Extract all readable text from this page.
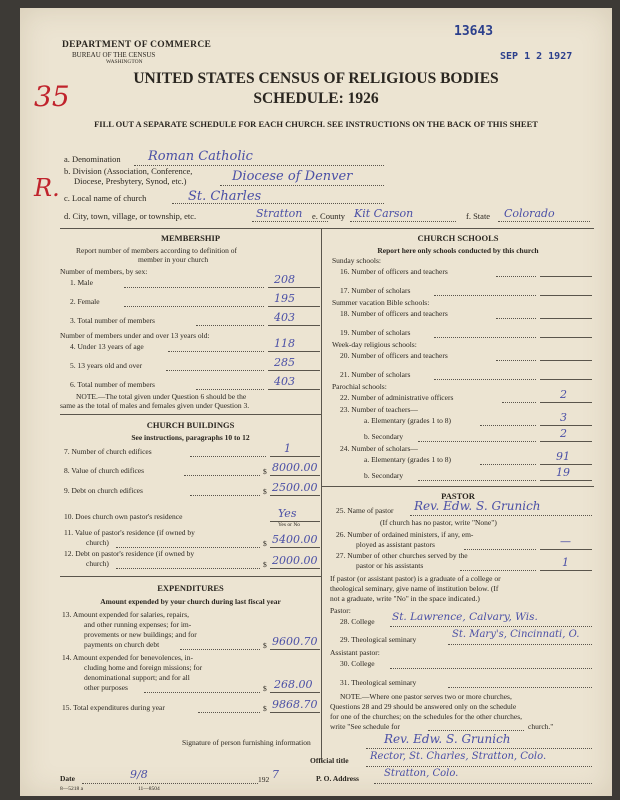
DEPARTMENT OF COMMERCE
BUREAU OF THE CENSUS
WASHINGTON
13643
SEP 1 2 1927
35
R.
UNITED STATES CENSUS OF RELIGIOUS BODIES
SCHEDULE: 1926
FILL OUT A SEPARATE SCHEDULE FOR EACH CHURCH. SEE INSTRUCTIONS ON THE BACK OF THIS SHEET
a. Denomination Roman Catholic
b. Division (Association, Conference,
Diocese, Presbytery, Synod, etc.)	Diocese of Denver
c. Local name of church	St. Charles
d. City, town, village, or township, etc.	Stratton e. County Kit Carson	f. State Colorado
MEMBERSHIP
Report number of members according to definition of
member in your church
Number of members, by sex:
1. Male	208
2. Female	195
3. Total number of members	403
Number of members under and over 13 years old:
4. Under 13 years of age	118
5. 13 years old and over	285
6. Total number of members	403
NOTE.—The total given under Question 6 should be the
same as the total of males and females given under Question 3.
CHURCH BUILDINGS
See instructions, paragraphs 10 to 12
7. Number of church edifices	1
8. Value of church edifices	$ 8000.00
9. Debt on church edifices	$ 2500.00
10. Does church own pastor's residence	Yes
Yes or No
11. Value of pastor's residence (if owned by
church)	$ 5400.00
12. Debt on pastor's residence (if owned by
church)	$ 2000.00
EXPENDITURES
Amount expended by your church during last fiscal year
13. Amount expended for salaries, repairs,
and other running expenses; for im-
provements or new buildings; and for
payments on church debt	$ 9600.70
14. Amount expended for benevolences, in-
cluding home and foreign missions; for
denominational support; and for all
other purposes	$ 268.00
15. Total expenditures during year	$ 9868.70
CHURCH SCHOOLS
Report here only schools conducted by this church
Sunday schools:
16. Number of officers and teachers
17. Number of scholars
Summer vacation Bible schools:
18. Number of officers and teachers
19. Number of scholars
Week-day religious schools:
20. Number of officers and teachers
21. Number of scholars
Parochial schools:
22. Number of administrative officers	2
23. Number of teachers—
a. Elementary (grades 1 to 8)	3
b. Secondary	2
24. Number of scholars—
a. Elementary (grades 1 to 8)	91
b. Secondary	19
PASTOR
25. Name of pastor Rev. Edw. S. Grunich
(If church has no pastor, write "None")
26. Number of ordained ministers, if any, em-
ployed as assistant pastors	—
27. Number of other churches served by the
pastor or his assistants	1
If pastor (or assistant pastor) is a graduate of a college or
theological seminary, give name of institution below. (If
not a graduate, write "No" in the space indicated.)
Pastor:
28. College St. Lawrence, Calvary, Wis.
29. Theological seminary	St. Mary's, Cincinnati, O.
Assistant pastor:
30. College
31. Theological seminary
NOTE.—Where one pastor serves two or more churches,
Questions 28 and 29 should be answered only on the schedule
for one of the churches; on the schedules for the other churches,
write "See schedule for	church."
Signature of person furnishing information	Rev. Edw. S. Grunich
Official title Rector, St. Charles, Stratton, Colo.
Date	9/8	192 7	P. O. Address	Stratton, Colo.
8—5218 a	11—8504
